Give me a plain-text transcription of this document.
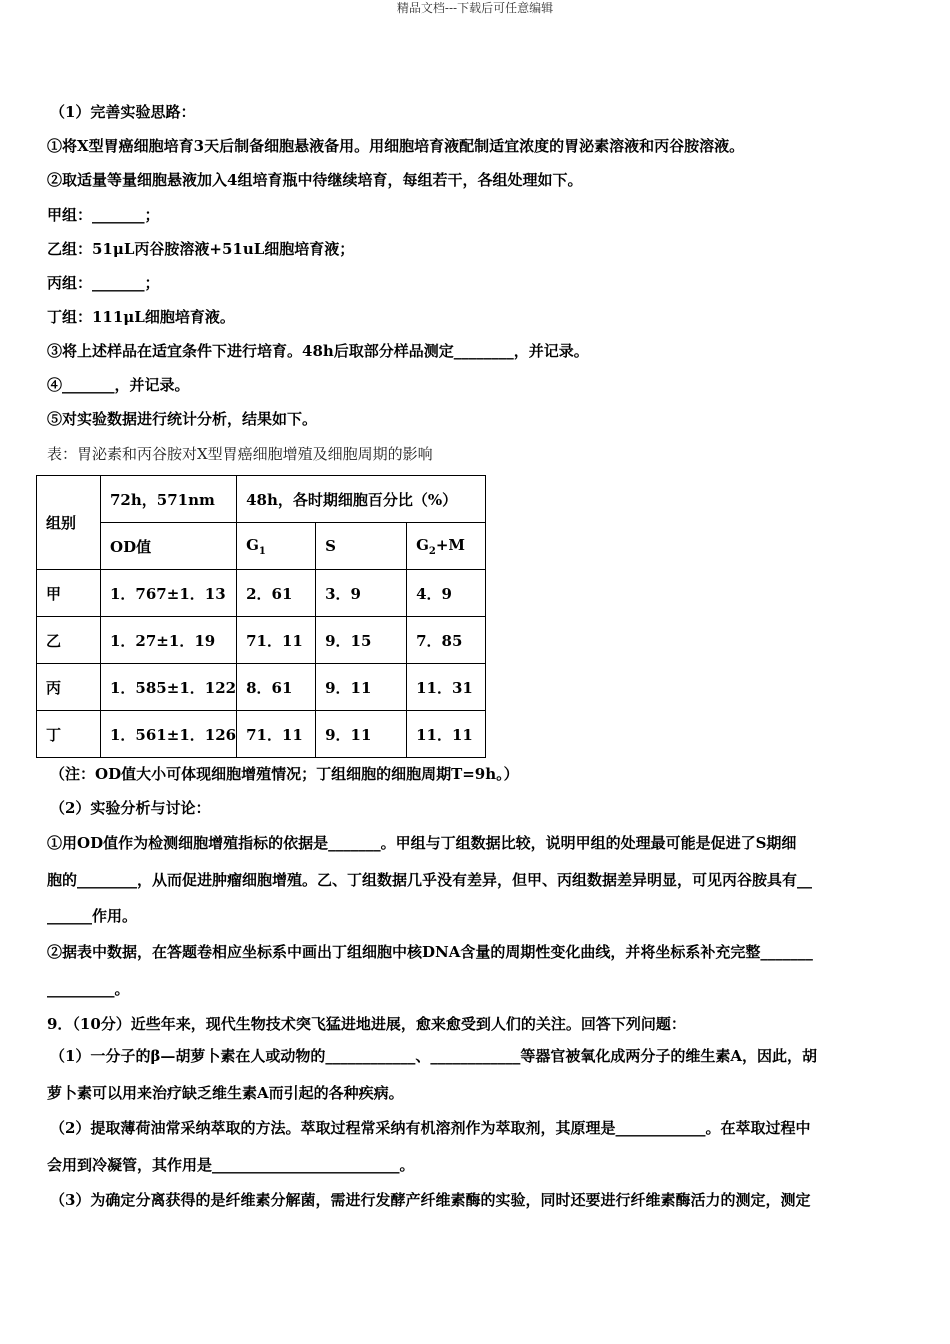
精品文档---下载后可任意编辑
（1）完善实验思路：
①将X型胃癌细胞培育3天后制备细胞悬液备用。用细胞培育液配制适宜浓度的胃泌素溶液和丙谷胺溶液。
②取适量等量细胞悬液加入4组培育瓶中待继续培育，每组若干，各组处理如下。
甲组：_______；
乙组：51μL丙谷胺溶液+51uL细胞培育液；
丙组：_______；
丁组：111μL细胞培育液。
③将上述样品在适宜条件下进行培育。48h后取部分样品测定________，并记录。
④_______，并记录。
⑤对实验数据进行统计分析，结果如下。
表：胃泌素和丙谷胺对X型胃癌细胞增殖及细胞周期的影响
组别	72h，571nm	48h，各时期细胞百分比（%）		
	OD值	$G_1$	S	$G_2+M$
甲	1．767±1．13	2．61	3．9	4．9
乙	1．27±1．19	71．11	9．15	7．85
丙	1．585±1．122	8．61	9．11	11．31
丁	1．561±1．126	71．11	9．11	11．11
（注：OD值大小可体现细胞增殖情况；丁组细胞的细胞周期T=9h。）
（2）实验分析与讨论：
①用OD值作为检测细胞增殖指标的依据是_______。甲组与丁组数据比较，说明甲组的处理最可能是促进了S期细
胞的________，从而促进肿瘤细胞增殖。乙、丁组数据几乎没有差异，但甲、丙组数据差异明显，可见丙谷胺具有__
______作用。
②据表中数据，在答题卷相应坐标系中画出丁组细胞中核DNA含量的周期性变化曲线，并将坐标系补充完整_______
_________。
9．（10分）近些年来，现代生物技术突飞猛进地进展，愈来愈受到人们的关注。回答下列问题：
（1）一分子的β—胡萝卜素在人或动物的____________、____________等器官被氧化成两分子的维生素A，因此，胡
萝卜素可以用来治疗缺乏维生素A而引起的各种疾病。
（2）提取薄荷油常采纳萃取的方法。萃取过程常采纳有机溶剂作为萃取剂，其原理是____________。在萃取过程中
会用到冷凝管，其作用是_________________________。
（3）为确定分离获得的是纤维素分解菌，需进行发酵产纤维素酶的实验，同时还要进行纤维素酶活力的测定，测定
